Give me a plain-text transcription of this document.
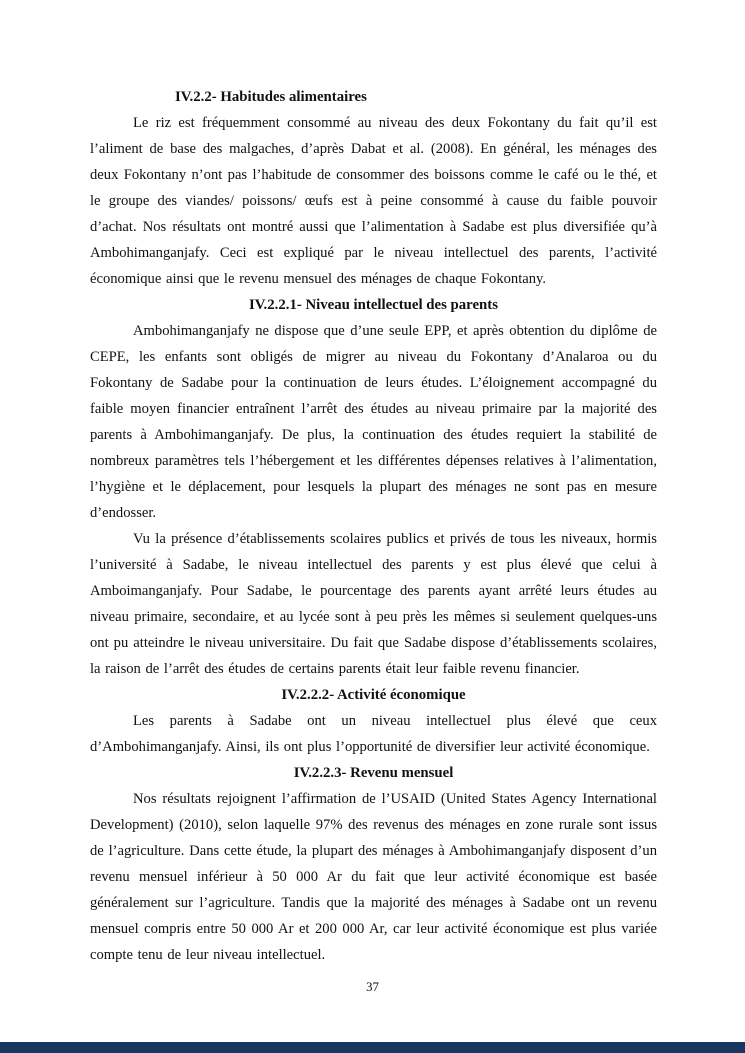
IV.2.2- Habitudes alimentaires

Le riz est fréquemment consommé au niveau des deux Fokontany du fait qu’il est l’aliment de base des malgaches, d’après Dabat et al. (2008). En général, les ménages des deux Fokontany n’ont pas l’habitude de consommer des boissons comme le café ou le thé, et le groupe des viandes/ poissons/ œufs est à peine consommé à cause du faible pouvoir d’achat. Nos résultats ont montré aussi que l’alimentation à Sadabe est plus diversifiée qu’à Ambohimanganjafy. Ceci est expliqué par le niveau intellectuel des parents, l’activité économique ainsi que le revenu mensuel des ménages de chaque Fokontany.

IV.2.2.1- Niveau intellectuel des parents

Ambohimanganjafy ne dispose que d’une seule EPP, et après obtention du diplôme de CEPE, les enfants sont obligés de migrer au niveau du Fokontany d’Analaroa ou du Fokontany de Sadabe pour la continuation de leurs études. L’éloignement accompagné du faible moyen financier entraînent l’arrêt des études au niveau primaire par la majorité des parents à Ambohimanganjafy. De plus, la continuation des études requiert la stabilité de nombreux paramètres tels l’hébergement et les différentes dépenses relatives à l’alimentation, l’hygiène et le déplacement, pour lesquels la plupart des ménages ne sont pas en mesure d’endosser.

Vu la présence d’établissements scolaires publics et privés de tous les niveaux, hormis l’université à Sadabe, le niveau intellectuel des parents y est plus élevé que celui à Amboimanganjafy. Pour Sadabe, le pourcentage des parents ayant arrêté leurs études au niveau primaire, secondaire, et au lycée sont à peu près les mêmes si seulement quelques-uns ont pu atteindre le niveau universitaire. Du fait que Sadabe dispose d’établissements scolaires, la raison de l’arrêt des études de certains parents était leur faible revenu financier.

IV.2.2.2- Activité économique

Les parents à Sadabe ont un niveau intellectuel plus élevé que ceux d’Ambohimanganjafy. Ainsi, ils ont plus l’opportunité de diversifier leur activité économique.

IV.2.2.3- Revenu mensuel

Nos résultats rejoignent l’affirmation de l’USAID (United States Agency International Development) (2010), selon laquelle 97% des revenus des ménages en zone rurale sont issus de l’agriculture. Dans cette étude, la plupart des ménages à Ambohimanganjafy disposent d’un revenu mensuel inférieur à 50 000 Ar du fait que leur activité économique est basée généralement sur l’agriculture. Tandis que la majorité des ménages à Sadabe ont un revenu mensuel compris entre 50 000 Ar et 200 000 Ar, car leur activité économique est plus variée compte tenu de leur niveau intellectuel.

37
